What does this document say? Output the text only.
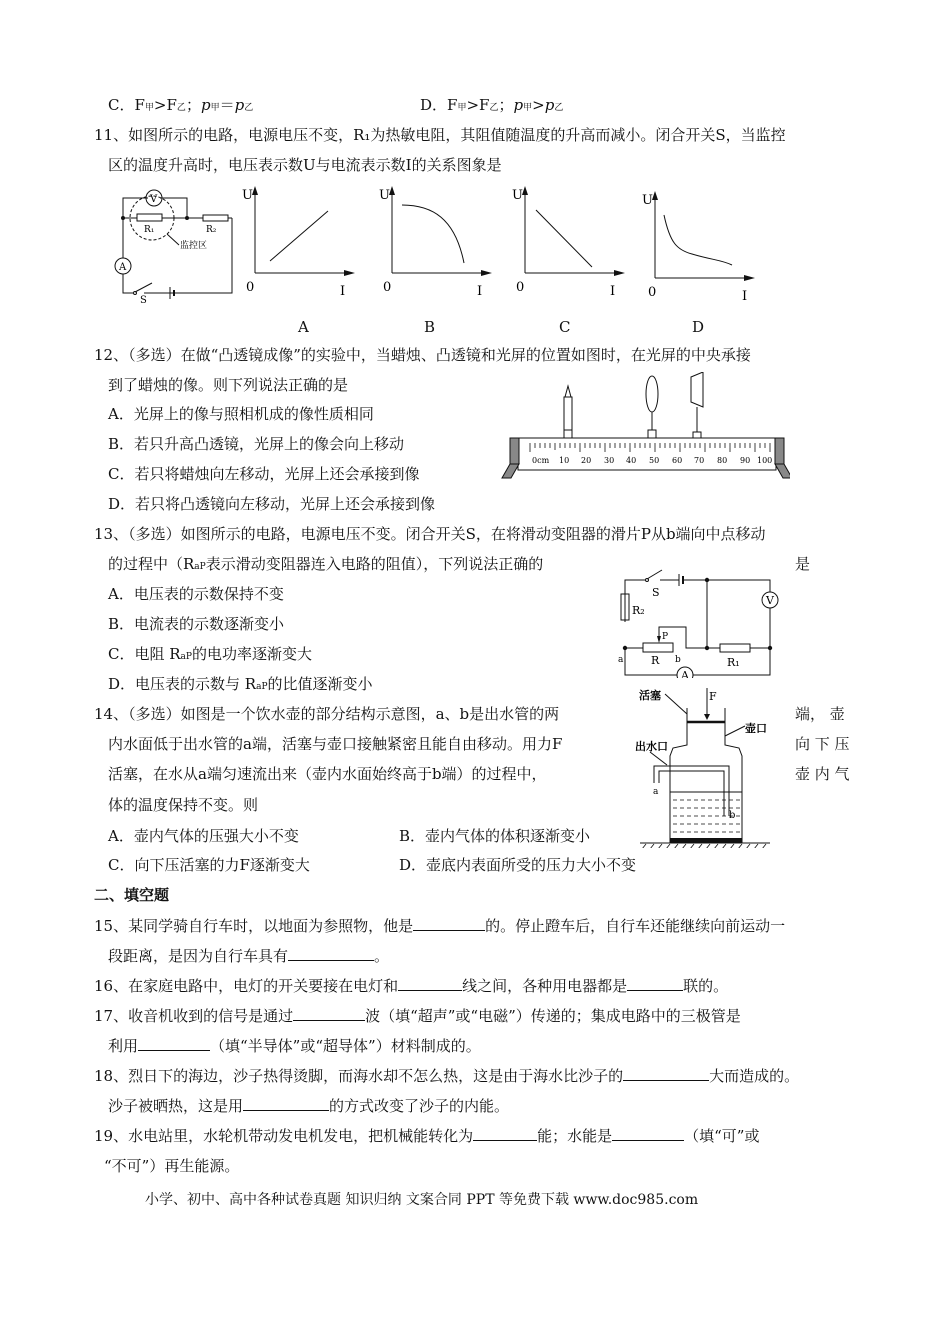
C．F甲>F乙；p甲＝p乙	D．F甲>F乙；p甲>p乙
11、如图所示的电路，电源电压不变，R₁为热敏电阻，其阻值随温度的升高而减小。闭合开关S，当监控
区的温度升高时，电压表示数U与电流表示数I的关系图象是
V
A
R₁	R₂
监控区
S
U
0	I
A
U
0	I
B
U
0	I
C
U
0	I
D
12、（多选）在做“凸透镜成像”的实验中，当蜡烛、凸透镜和光屏的位置如图时，在光屏的中央承接
到了蜡烛的像。则下列说法正确的是
A．光屏上的像与照相机成的像性质相同
B．若只升高凸透镜，光屏上的像会向上移动
C．若只将蜡烛向左移动，光屏上还会承接到像
D．若只将凸透镜向左移动，光屏上还会承接到像
0cm 10 20 30 40 50 60 70 80 90 100
13、（多选）如图所示的电路，电源电压不变。闭合开关S，在将滑动变阻器的滑片P从b端向中点移动
的过程中（RaP表示滑动变阻器连入电路的阻值），下列说法正确的	是
A．电压表的示数保持不变
B．电流表的示数逐渐变小
C．电阻 RaP的电功率逐渐变大
D．电压表的示数与 RaP的比值逐渐变小
S
R₂
P
a	R b	R₁
V
A
14、（多选）如图是一个饮水壶的部分结构示意图，a、b是出水管的两	端， 壶
内水面低于出水管的a端，活塞与壶口接触紧密且能自由移动。用力F	向 下 压
活塞，在水从a端匀速流出来（壶内水面始终高于b端）的过程中，	壶 内 气
体的温度保持不变。则
A．壶内气体的压强大小不变	B．壶内气体的体积逐渐变小
C．向下压活塞的力F逐渐变大	D．壶底内表面所受的压力大小不变
F
活塞
壶口
出水口
a
b
二、填空题
15、某同学骑自行车时，以地面为参照物，他是	的。停止蹬车后，自行车还能继续向前运动一
段距离，是因为自行车具有	。
16、在家庭电路中，电灯的开关要接在电灯和	线之间，各种用电器都是	联的。
17、收音机收到的信号是通过	波（填“超声”或“电磁”）传递的；集成电路中的三极管是
利用	（填“半导体”或“超导体”）材料制成的。
18、烈日下的海边，沙子热得烫脚，而海水却不怎么热，这是由于海水比沙子的	大而造成的。
沙子被晒热，这是用	的方式改变了沙子的内能。
19、水电站里，水轮机带动发电机发电，把机械能转化为	能；水能是	（填“可”或
“不可”）再生能源。
小学、初中、高中各种试卷真题 知识归纳 文案合同 PPT 等免费下载 www.doc985.com
